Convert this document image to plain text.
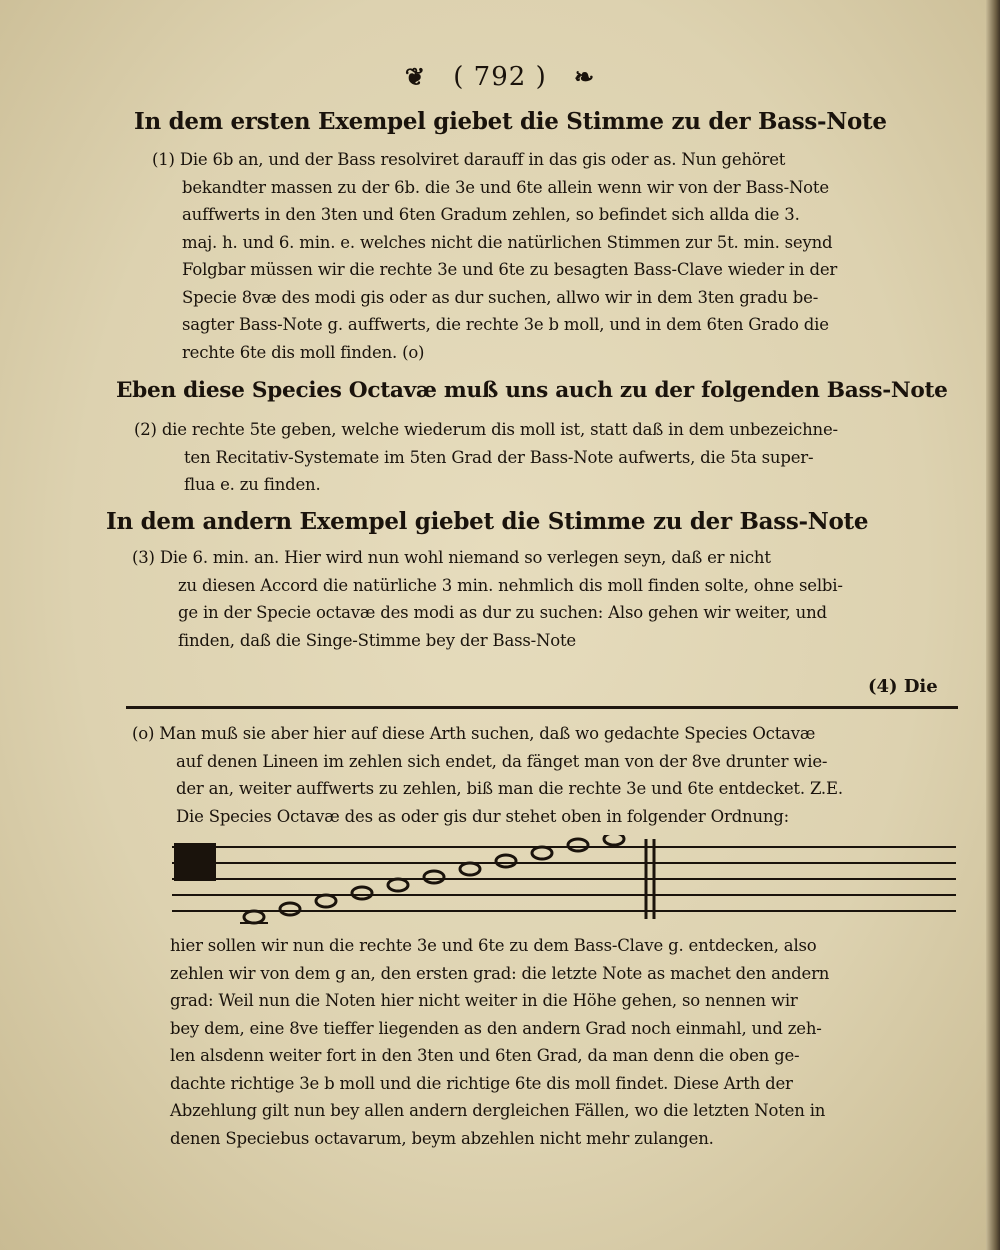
❦ ( 792 ) ❧
In dem ersten Exempel giebet die Stimme zu der Bass-Note
(1) Die 6b an, und der Bass resolviret darauff in das gis oder as. Nun gehöret
bekandter massen zu der 6b. die 3e und 6te allein wenn wir von der Bass-Note
auffwerts in den 3ten und 6ten Gradum zehlen, so befindet sich allda die 3.
maj. h. und 6. min. e. welches nicht die natürlichen Stimmen zur 5t. min. seynd
Folgbar müssen wir die rechte 3e und 6te zu besagten Bass-Clave wieder in der
Specie 8væ des modi gis oder as dur suchen, allwo wir in dem 3ten gradu be-
sagter Bass-Note g. auffwerts, die rechte 3e b moll, und in dem 6ten Grado die
rechte 6te dis moll finden. (o)
Eben diese Species Octavæ muß uns auch zu der folgenden Bass-Note
(2) die rechte 5te geben, welche wiederum dis moll ist, statt daß in dem unbezeichne-
ten Recitativ-Systemate im 5ten Grad der Bass-Note aufwerts, die 5ta super-
flua e. zu finden.
In dem andern Exempel giebet die Stimme zu der Bass-Note
(3) Die 6. min. an. Hier wird nun wohl niemand so verlegen seyn, daß er nicht
zu diesen Accord die natürliche 3 min. nehmlich dis moll finden solte, ohne selbi-
ge in der Specie octavæ des modi as dur zu suchen: Also gehen wir weiter, und
finden, daß die Singe-Stimme bey der Bass-Note
(4) Die
(o) Man muß sie aber hier auf diese Arth suchen, daß wo gedachte Species Octavæ
auf denen Lineen im zehlen sich endet, da fänget man von der 8ve drunter wie-
der an, weiter auffwerts zu zehlen, biß man die rechte 3e und 6te entdecket. Z.E.
Die Species Octavæ des as oder gis dur stehet oben in folgender Ordnung:
hier sollen wir nun die rechte 3e und 6te zu dem Bass-Clave g. entdecken, also
zehlen wir von dem g an, den ersten grad: die letzte Note as machet den andern
grad: Weil nun die Noten hier nicht weiter in die Höhe gehen, so nennen wir
bey dem, eine 8ve tieffer liegenden as den andern Grad noch einmahl, und zeh-
len alsdenn weiter fort in den 3ten und 6ten Grad, da man denn die oben ge-
dachte richtige 3e b moll und die richtige 6te dis moll findet. Diese Arth der
Abzehlung gilt nun bey allen andern dergleichen Fällen, wo die letzten Noten in
denen Speciebus octavarum, beym abzehlen nicht mehr zulangen.
